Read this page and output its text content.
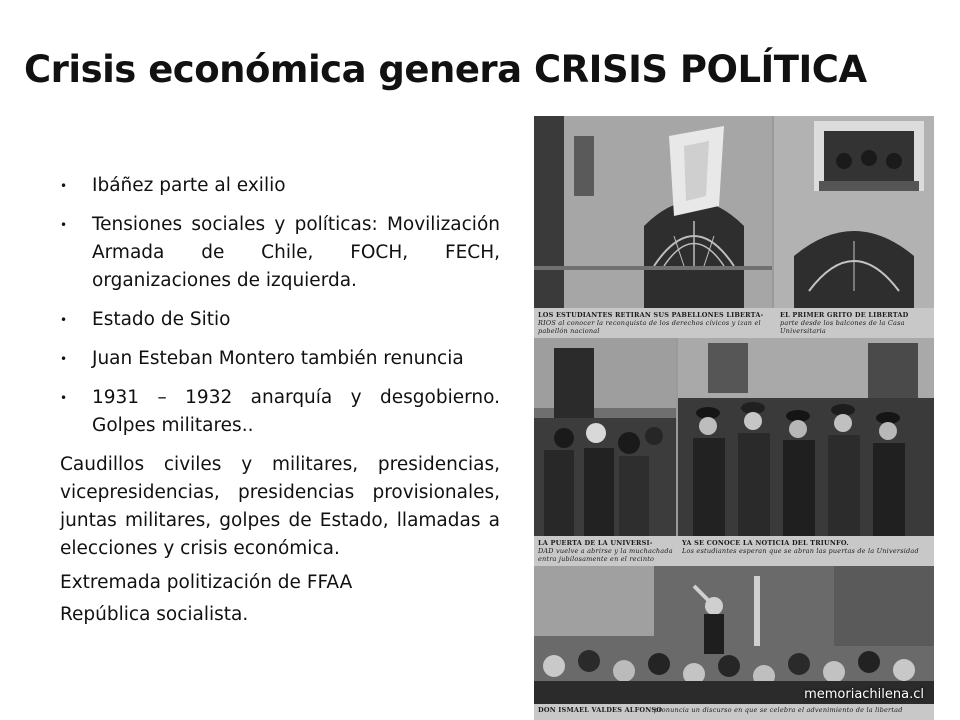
Crisis económica genera CRISIS POLÍTICA
• Ibáñez parte al exilio
• Tensiones sociales y políticas: Movilización Armada de Chile, FOCH, FECH, organizaciones de izquierda.
• Estado de Sitio
• Juan Esteban Montero también renuncia
• 1931 – 1932 anarquía y desgobierno. Golpes militares..

Caudillos civiles y militares, presidencias, vicepresidencias, presidencias provisionales, juntas militares, golpes de Estado, llamadas a elecciones y crisis económica.

Extremada politización de FFAA

República socialista.

LOS ESTUDIANTES RETIRAN SUS PABELLONES LIBERTA-
RIOS al conocer la reconquista de los derechos cívicos y izan el pabellón nacional
EL PRIMER GRITO DE LIBERTAD
parte desde los balcones de la Casa Universitaria
LA PUERTA DE LA UNIVERSI-
DAD vuelve a abrirse y la muchachada entra jubilosamente en el recinto
YA SE CONOCE LA NOTICIA DEL TRIUNFO.
Los estudiantes esperan que se abran las puertas de la Universidad
DON ISMAEL VALDES ALFONSO
pronuncia un discurso en que se celebra el advenimiento de la libertad
memoriachilena.cl
